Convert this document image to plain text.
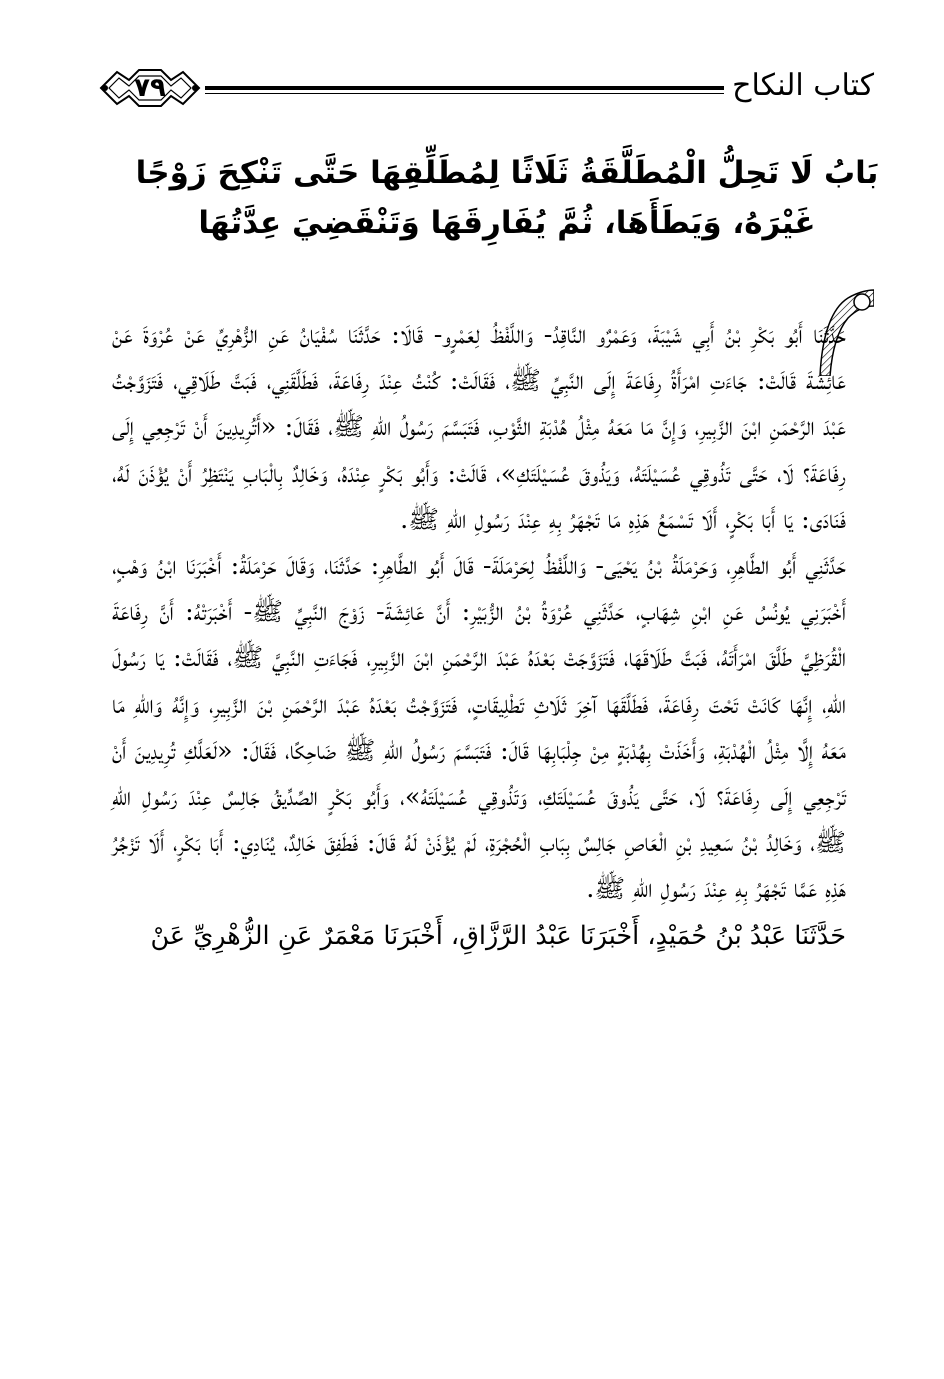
كتاب النكاح
٧٩
بَابُ لَا تَحِلُّ الْمُطَلَّقَةُ ثَلَاثًا لِمُطَلِّقِهَا حَتَّى تَنْكِحَ زَوْجًا غَيْرَهُ، وَيَطَأَهَا، ثُمَّ يُفَارِقَهَا وَتَنْقَضِيَ عِدَّتُهَا

حَدَّثَنَا أَبُو بَكْرِ بْنُ أَبِي شَيْبَةَ، وَعَمْرٌو النَّاقِدُ- وَاللَّفْظُ لِعَمْرٍو- قَالَا: حَدَّثَنَا سُفْيَانُ عَنِ الزُّهْرِيِّ عَنْ عُرْوَةَ عَنْ عَائِشَةَ قَالَتْ: جَاءَتِ امْرَأَةُ رِفَاعَةَ إِلَى النَّبِيِّ ﷺ، فَقَالَتْ: كُنْتُ عِنْدَ رِفَاعَةَ، فَطَلَّقَنِي، فَبَتَّ طَلَاقِي، فَتَزَوَّجْتُ عَبْدَ الرَّحْمَنِ ابْنَ الزَّبِيرِ، وَإِنَّ مَا مَعَهُ مِثْلُ هُدْبَةِ الثَّوْبِ، فَتَبَسَّمَ رَسُولُ اللهِ ﷺ، فَقَالَ: «أَتُرِيدِينَ أَنْ تَرْجِعِي إِلَى رِفَاعَةَ؟ لَا، حَتَّى تَذُوقِي عُسَيْلَتَهُ، وَيَذُوقَ عُسَيْلَتَكِ»، قَالَتْ: وَأَبُو بَكْرٍ عِنْدَهُ، وَخَالِدٌ بِالْبَابِ يَنْتَظِرُ أَنْ يُؤْذَنَ لَهُ، فَنَادَى: يَا أَبَا بَكْرٍ، أَلَا تَسْمَعُ هَذِهِ مَا تَجْهَرُ بِهِ عِنْدَ رَسُولِ اللهِ ﷺ.

حَدَّثَنِي أَبُو الطَّاهِرِ، وَحَرْمَلَةُ بْنُ يَحْيَى- وَاللَّفْظُ لِحَرْمَلَةَ- قَالَ أَبُو الطَّاهِرِ: حَدَّثَنَا، وَقَالَ حَرْمَلَةُ: أَخْبَرَنَا ابْنُ وَهْبٍ، أَخْبَرَنِي يُونُسُ عَنِ ابْنِ شِهَابٍ، حَدَّثَنِي عُرْوَةُ بْنُ الزُّبَيْرِ: أَنَّ عَائِشَةَ- زَوْجَ النَّبِيِّ ﷺ- أَخْبَرَتْهُ: أَنَّ رِفَاعَةَ الْقُرَظِيَّ طَلَّقَ امْرَأَتَهُ، فَبَتَّ طَلَاقَهَا، فَتَزَوَّجَتْ بَعْدَهُ عَبْدَ الرَّحْمَنِ ابْنَ الزَّبِيرِ، فَجَاءَتِ النَّبِيَّ ﷺ، فَقَالَتْ: يَا رَسُولَ اللهِ، إِنَّهَا كَانَتْ تَحْتَ رِفَاعَةَ، فَطَلَّقَهَا آخِرَ ثَلَاثِ تَطْلِيقَاتٍ، فَتَزَوَّجْتُ بَعْدَهُ عَبْدَ الرَّحْمَنِ بْنَ الزَّبِيرِ، وَإِنَّهُ وَاللهِ مَا مَعَهُ إِلَّا مِثْلُ الْهُدْبَةِ، وَأَخَذَتْ بِهُدْبَةٍ مِنْ جِلْبَابِهَا قَالَ: فَتَبَسَّمَ رَسُولُ اللهِ ﷺ ضَاحِكًا، فَقَالَ: «لَعَلَّكِ تُرِيدِينَ أَنْ تَرْجِعِي إِلَى رِفَاعَةَ؟ لَا، حَتَّى يَذُوقَ عُسَيْلَتَكِ، وَتَذُوقِي عُسَيْلَتَهُ»، وَأَبُو بَكْرٍ الصِّدِّيقُ جَالِسٌ عِنْدَ رَسُولِ اللهِ ﷺ، وَخَالِدُ بْنُ سَعِيدِ بْنِ الْعَاصِ جَالِسٌ بِبَابِ الْحُجْرَةِ، لَمْ يُؤْذَنْ لَهُ قَالَ: فَطَفِقَ خَالِدٌ، يُنَادِي: أَبَا بَكْرٍ، أَلَا تَزْجُرُ هَذِهِ عَمَّا تَجْهَرُ بِهِ عِنْدَ رَسُولِ اللهِ ﷺ.

حَدَّثَنَا عَبْدُ بْنُ حُمَيْدٍ، أَخْبَرَنَا عَبْدُ الرَّزَّاقِ، أَخْبَرَنَا مَعْمَرٌ عَنِ الزُّهْرِيِّ عَنْ
